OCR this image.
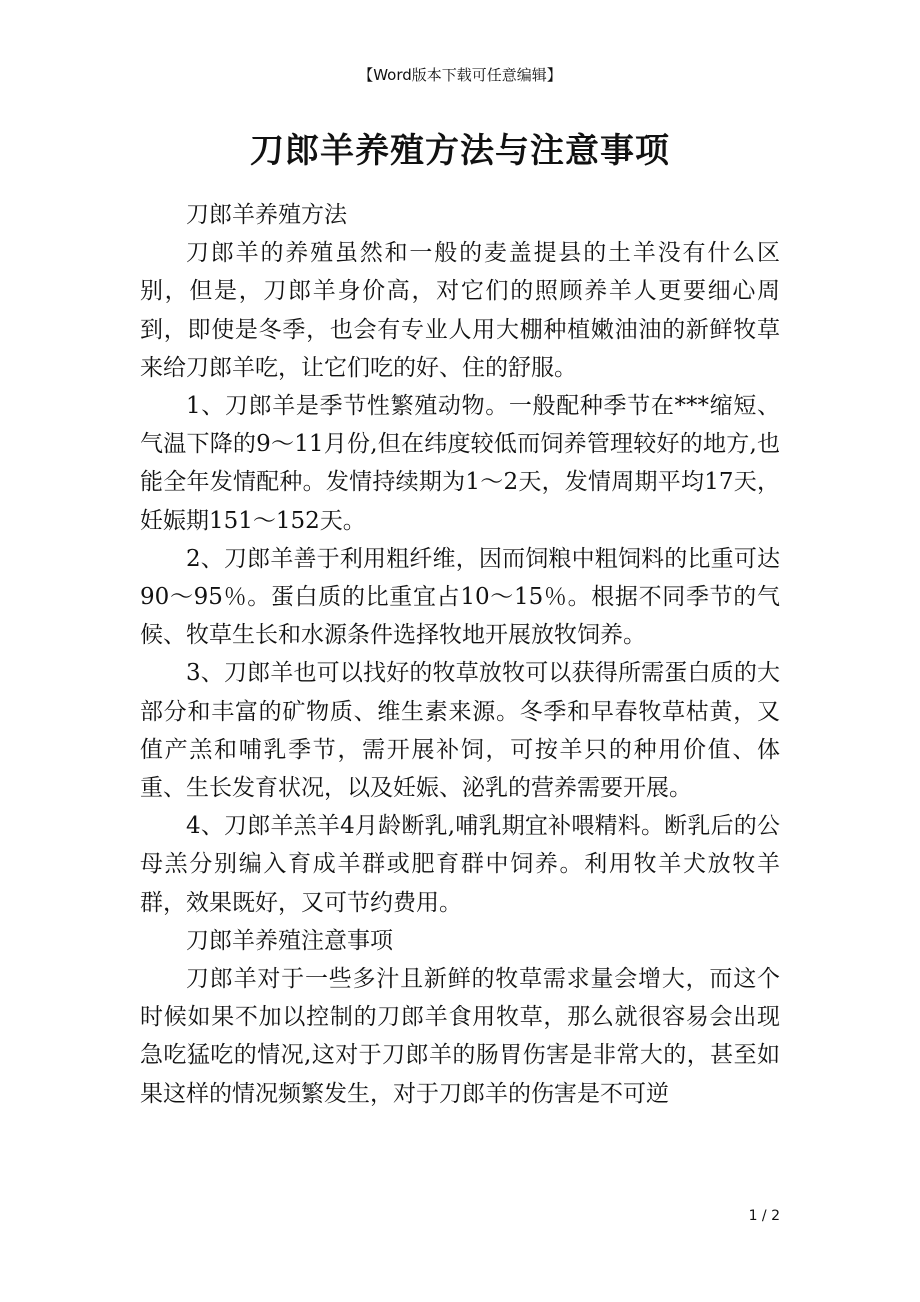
【Word版本下载可任意编辑】
刀郎羊养殖方法与注意事项

刀郎羊养殖方法

刀郎羊的养殖虽然和一般的麦盖提县的土羊没有什么区别，但是，刀郎羊身价高，对它们的照顾养羊人更要细心周到，即使是冬季，也会有专业人用大棚种植嫩油油的新鲜牧草来给刀郎羊吃，让它们吃的好、住的舒服。

1、刀郎羊是季节性繁殖动物。一般配种季节在***缩短、气温下降的9～11月份,但在纬度较低而饲养管理较好的地方,也能全年发情配种。发情持续期为1～2天，发情周期平均17天，妊娠期151～152天。

2、刀郎羊善于利用粗纤维，因而饲粮中粗饲料的比重可达90～95％。蛋白质的比重宜占10～15％。根据不同季节的气候、牧草生长和水源条件选择牧地开展放牧饲养。

3、刀郎羊也可以找好的牧草放牧可以获得所需蛋白质的大部分和丰富的矿物质、维生素来源。冬季和早春牧草枯黄，又值产羔和哺乳季节，需开展补饲，可按羊只的种用价值、体重、生长发育状况，以及妊娠、泌乳的营养需要开展。

4、刀郎羊羔羊4月龄断乳,哺乳期宜补喂精料。断乳后的公母羔分别编入育成羊群或肥育群中饲养。利用牧羊犬放牧羊群，效果既好，又可节约费用。

刀郎羊养殖注意事项

刀郎羊对于一些多汁且新鲜的牧草需求量会增大，而这个时候如果不加以控制的刀郎羊食用牧草，那么就很容易会出现急吃猛吃的情况,这对于刀郎羊的肠胃伤害是非常大的，甚至如果这样的情况频繁发生，对于刀郎羊的伤害是不可逆

1 / 2
